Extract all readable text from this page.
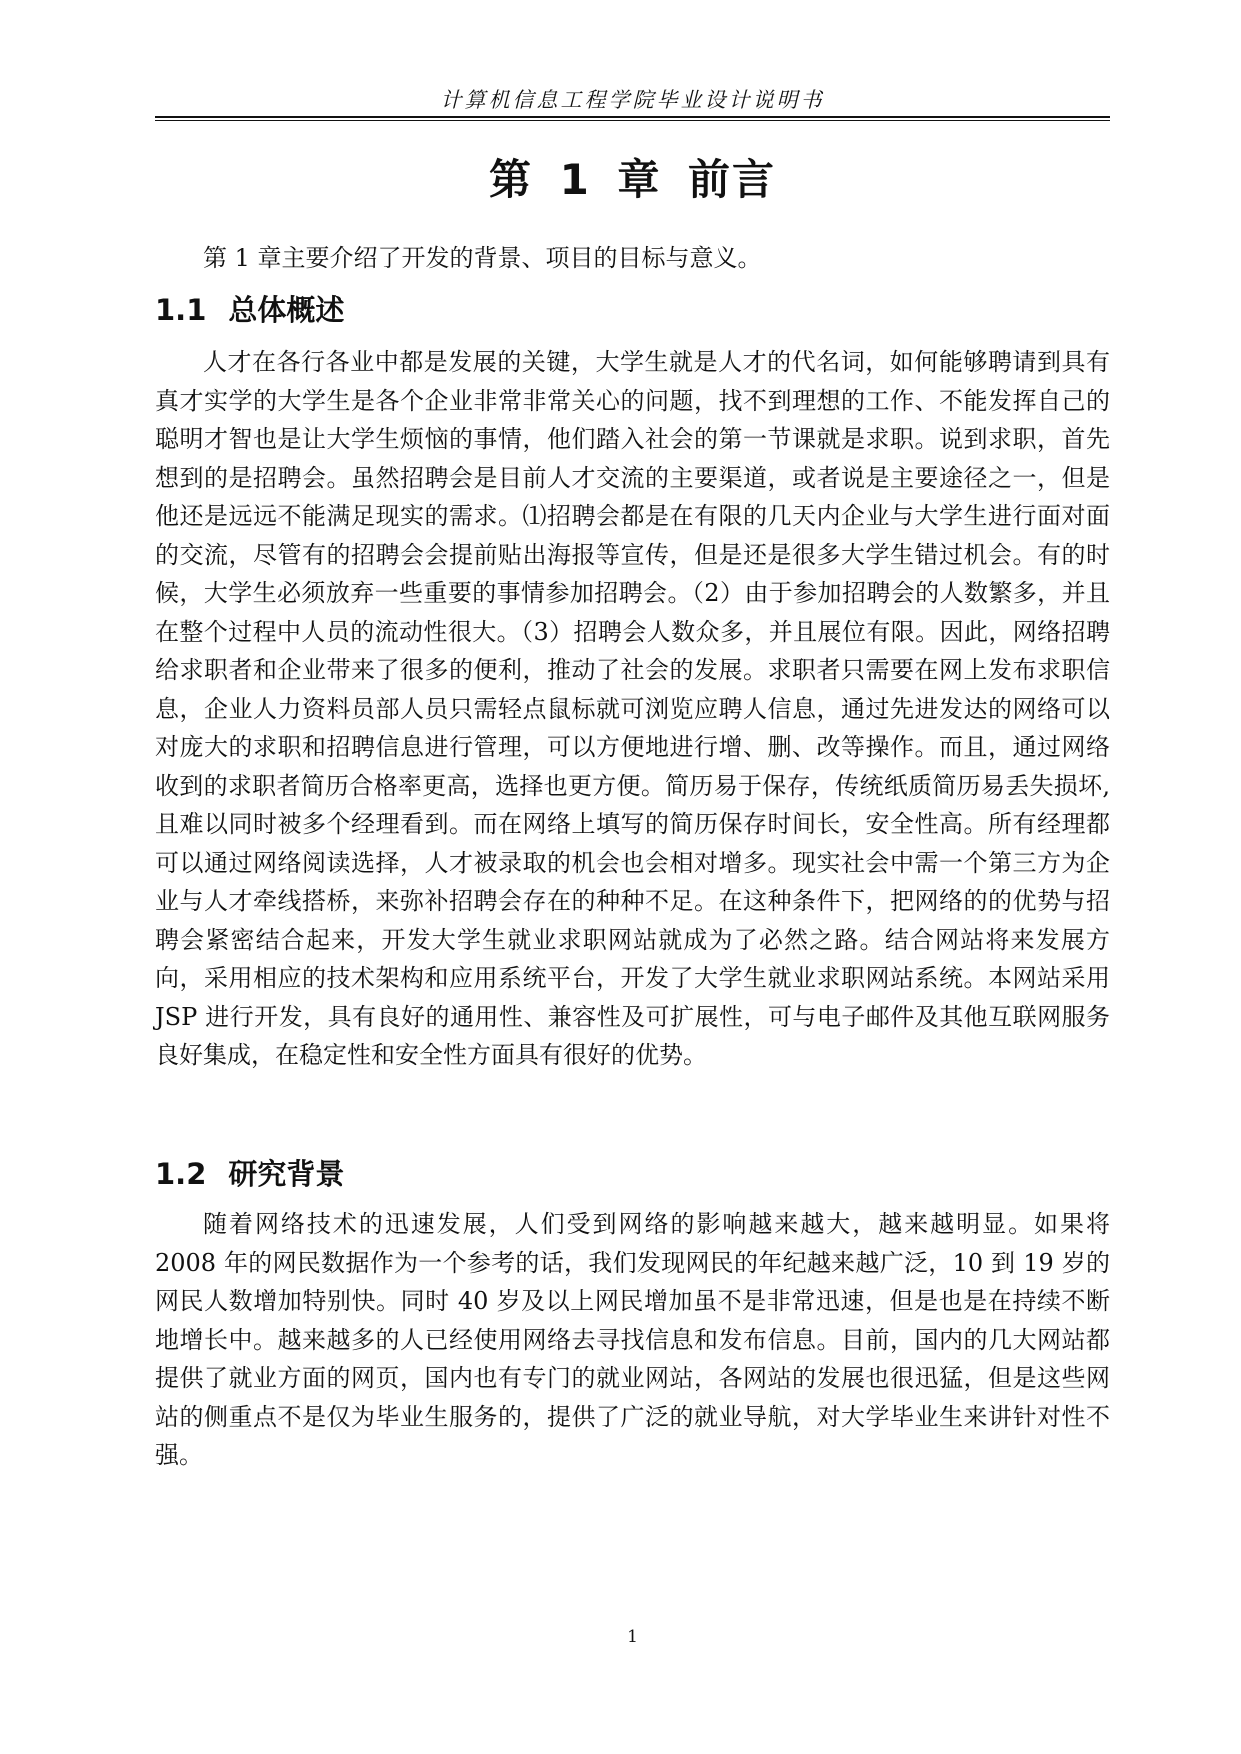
计算机信息工程学院毕业设计说明书
第 1 章 前言

第 1 章主要介绍了开发的背景、项目的目标与意义。

1.1 总体概述

人才在各行各业中都是发展的关键，大学生就是人才的代名词，如何能够聘请到具有真才实学的大学生是各个企业非常非常关心的问题，找不到理想的工作、不能发挥自己的聪明才智也是让大学生烦恼的事情，他们踏入社会的第一节课就是求职。说到求职，首先想到的是招聘会。虽然招聘会是目前人才交流的主要渠道，或者说是主要途径之一，但是他还是远远不能满足现实的需求。⑴招聘会都是在有限的几天内企业与大学生进行面对面的交流，尽管有的招聘会会提前贴出海报等宣传，但是还是很多大学生错过机会。有的时候，大学生必须放弃一些重要的事情参加招聘会。（2）由于参加招聘会的人数繁多，并且在整个过程中人员的流动性很大。（3）招聘会人数众多，并且展位有限。因此，网络招聘给求职者和企业带来了很多的便利，推动了社会的发展。求职者只需要在网上发布求职信息，企业人力资料员部人员只需轻点鼠标就可浏览应聘人信息，通过先进发达的网络可以对庞大的求职和招聘信息进行管理，可以方便地进行增、删、改等操作。而且，通过网络收到的求职者简历合格率更高，选择也更方便。简历易于保存，传统纸质简历易丢失损坏,且难以同时被多个经理看到。而在网络上填写的简历保存时间长，安全性高。所有经理都可以通过网络阅读选择，人才被录取的机会也会相对增多。现实社会中需一个第三方为企业与人才牵线搭桥，来弥补招聘会存在的种种不足。在这种条件下，把网络的的优势与招聘会紧密结合起来，开发大学生就业求职网站就成为了必然之路。结合网站将来发展方向，采用相应的技术架构和应用系统平台，开发了大学生就业求职网站系统。本网站采用 JSP 进行开发，具有良好的通用性、兼容性及可扩展性，可与电子邮件及其他互联网服务良好集成，在稳定性和安全性方面具有很好的优势。

1.2 研究背景

随着网络技术的迅速发展，人们受到网络的影响越来越大，越来越明显。如果将 2008 年的网民数据作为一个参考的话，我们发现网民的年纪越来越广泛，10 到 19 岁的网民人数增加特别快。同时 40 岁及以上网民增加虽不是非常迅速，但是也是在持续不断地增长中。越来越多的人已经使用网络去寻找信息和发布信息。目前，国内的几大网站都提供了就业方面的网页，国内也有专门的就业网站，各网站的发展也很迅猛，但是这些网站的侧重点不是仅为毕业生服务的，提供了广泛的就业导航，对大学毕业生来讲针对性不强。

1
